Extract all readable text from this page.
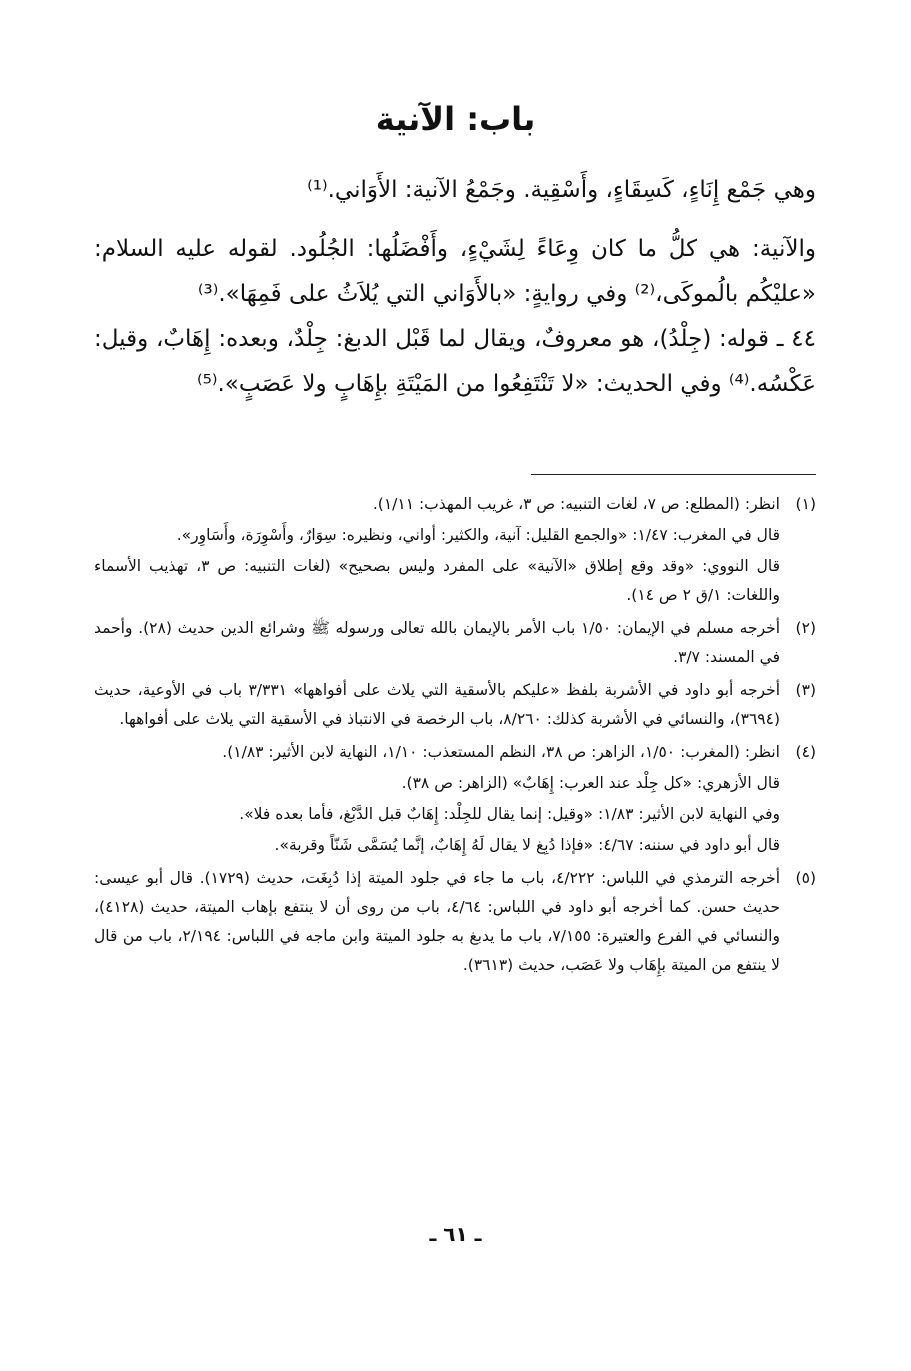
باب: الآنية

وهي جَمْع إِنَاءٍ، كَسِقَاءٍ، وأَسْقِية. وجَمْعُ الآنية: الأَوَاني.⁽¹⁾

والآنية: هي كلُّ ما كان وِعَاءً لِشَيْءٍ، وأَفْضَلُها: الجُلُود. لقوله عليه السلام: «عليْكُم بالُموكَى،⁽²⁾ وفي روايةٍ: «بالأَوَاني التي يُلاَثُ على فَمِهَا».⁽³⁾

٤٤ ـ قوله: (جِلْدُ)، هو معروفٌ، ويقال لما قَبْل الدبغ: جِلْدٌ، وبعده: إِهَابٌ، وقيل: عَكْسُه.⁽⁴⁾ وفي الحديث: «لا تَنْتَفِعُوا من المَيْتَةِ بإِهَابٍ ولا عَصَبٍ».⁽⁵⁾

(١)

انظر: (المطلع: ص ٧، لغات التنبيه: ص ٣، غريب المهذب: ١/١١).

قال في المغرب: ١/٤٧: «والجمع القليل: آنية، والكثير: أواني، ونظيره: سِوَارٌ، وأَسْوِرَة، وأَسَاوِر».

قال النووي: «وقد وقع إطلاق «الآنية» على المفرد وليس بصحيح» (لغات التنبيه: ص ٣، تهذيب الأسماء واللغات: ١/ق ٢ ص ١٤).

(٢)

أخرجه مسلم في الإيمان: ١/٥٠ باب الأمر بالإيمان بالله تعالى ورسوله ﷺ وشرائع الدين حديث (٢٨). وأحمد في المسند: ٣/٧.

(٣)

أخرجه أبو داود في الأشربة بلفظ «عليكم بالأسقية التي يلاث على أفواهها» ٣/٣٣١ باب في الأوعية، حديث (٣٦٩٤)، والنسائي في الأشربة كذلك: ٨/٢٦٠، باب الرخصة في الانتباذ في الأسقية التي يلاث على أفواهها.

(٤)

انظر: (المغرب: ١/٥٠، الزاهر: ص ٣٨، النظم المستعذب: ١/١٠، النهاية لابن الأثير: ١/٨٣).

قال الأزهري: «كل جِلْد عند العرب: إِهَابٌ» (الزاهر: ص ٣٨).

وفي النهاية لابن الأثير: ١/٨٣: «وقيل: إنما يقال للجِلْد: إِهَابٌ قبل الدَّبْغ، فأما بعده فلا».

قال أبو داود في سننه: ٤/٦٧: «فإذا دُبِغ لا يقال لَهُ إِهَابٌ، إنَّما يُسَمَّى شَنّاً وقربة».

(٥)

أخرجه الترمذي في اللباس: ٤/٢٢٢، باب ما جاء في جلود الميتة إذا دُبِغَت، حديث (١٧٢٩). قال أبو عيسى: حديث حسن. كما أخرجه أبو داود في اللباس: ٤/٦٤، باب من روى أن لا ينتفع بإهاب الميتة، حديث (٤١٢٨)، والنسائي في الفرع والعتيرة: ٧/١٥٥، باب ما يدبغ به جلود الميتة وابن ماجه في اللباس: ٢/١٩٤، باب من قال لا ينتفع من الميتة بإِهَاب ولا عَصَب، حديث (٣٦١٣).

ـ ٦١ ـ
